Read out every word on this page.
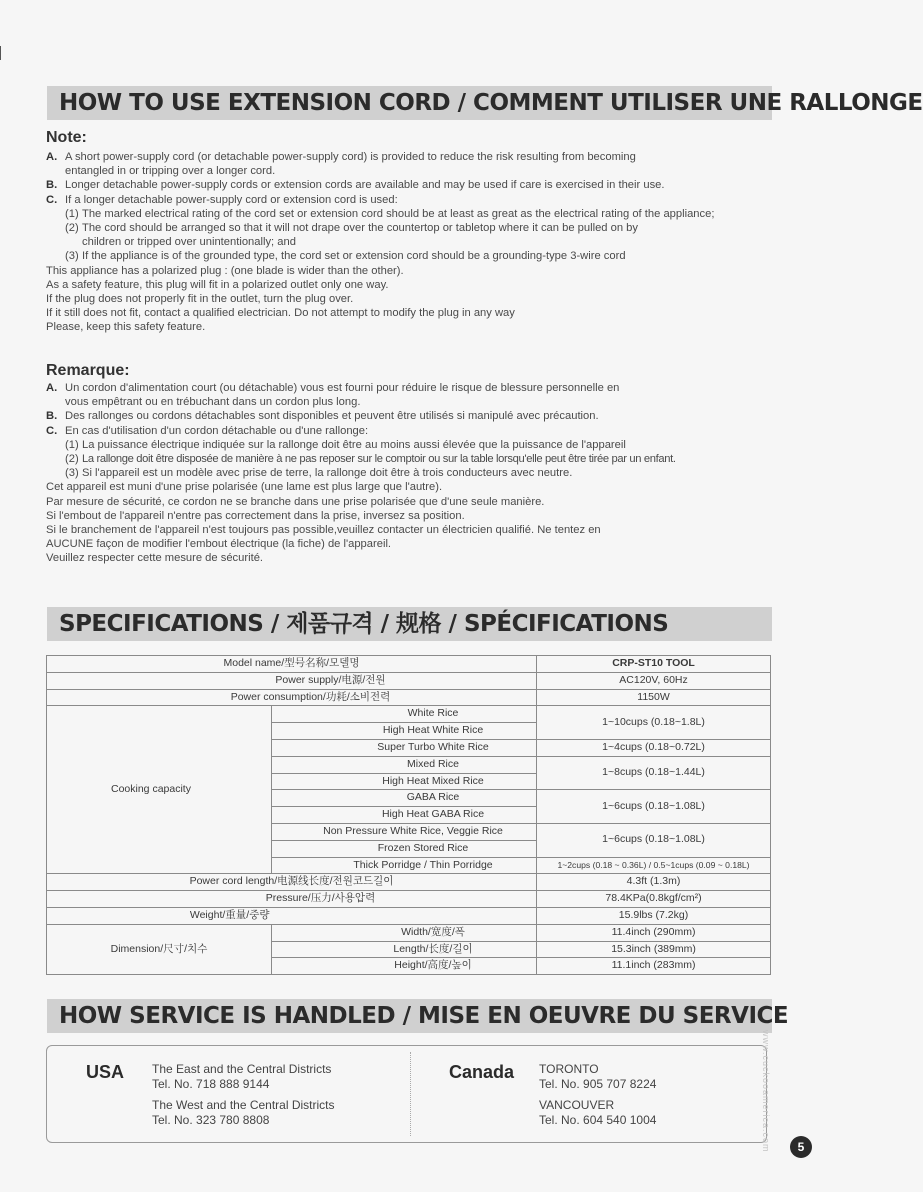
HOW TO USE EXTENSION CORD / COMMENT UTILISER UNE RALLONGE
Note:

A. A short power-supply cord (or detachable power-supply cord) is provided to reduce the risk resulting from becoming

entangled in or tripping over a longer cord.

B. Longer detachable power-supply cords or extension cords are available and may be used if care is exercised in their use.

C. If a longer detachable power-supply cord or extension cord is used:

(1) The marked electrical rating of the cord set or extension cord should be at least as great as the electrical rating of the appliance;

(2) The cord should be arranged so that it will not drape over the countertop or tabletop where it can be pulled on by

children or tripped over unintentionally; and

(3) If the appliance is of the grounded type, the cord set or extension cord should be a grounding-type 3-wire cord

This appliance has a polarized plug : (one blade is wider than the other).

As a safety feature, this plug will fit in a polarized outlet only one way.

If the plug does not properly fit in the outlet, turn the plug over.

If it still does not fit, contact a qualified electrician. Do not attempt to modify the plug in any way

Please, keep this safety feature.

Remarque:

A. Un cordon d'alimentation court (ou détachable) vous est fourni pour réduire le risque de blessure personnelle en

vous empêtrant ou en trébuchant dans un cordon plus long.

B. Des rallonges ou cordons détachables sont disponibles et peuvent être utilisés si manipulé avec précaution.

C. En cas d'utilisation d'un cordon détachable ou d'une rallonge:

(1) La puissance électrique indiquée sur la rallonge doit être au moins aussi élevée que la puissance de l'appareil

(2) La rallonge doit être disposée de manière à ne pas reposer sur le comptoir ou sur la table lorsqu'elle peut être tirée par un enfant.

(3) Si l'appareil est un modèle avec prise de terre, la rallonge doit être à trois conducteurs avec neutre.

Cet appareil est muni d'une prise polarisée (une lame est plus large que l'autre).

Par mesure de sécurité, ce cordon ne se branche dans une prise polarisée que d'une seule manière.

Si l'embout de l'appareil n'entre pas correctement dans la prise, inversez sa position.

Si le branchement de l'appareil n'est toujours pas possible,veuillez contacter un électricien qualifié. Ne tentez en

AUCUNE façon de modifier l'embout électrique (la fiche) de l'appareil.

Veuillez respecter cette mesure de sécurité.

SPECIFICATIONS / 제품규격 / 规格 / SPÉCIFICATIONS
Model name/型号名称/모델명		CRP-ST10 TOOL
Power supply/电源/전원		AC120V, 60Hz
Power consumption/功耗/소비전력		1150W
Cooking capacity	White Rice	1~10cups (0.18~1.8L)
	High Heat White Rice	
	Super Turbo White Rice	1~4cups (0.18~0.72L)
	Mixed Rice	1~8cups (0.18~1.44L)
	High Heat Mixed Rice	
	GABA Rice	1~6cups (0.18~1.08L)
	High Heat GABA Rice	
	Non Pressure White Rice, Veggie Rice	1~6cups (0.18~1.08L)
	Frozen Stored Rice	
	Thick Porridge / Thin Porridge	1~2cups (0.18 ~ 0.36L) / 0.5~1cups (0.09 ~ 0.18L)
Power cord length/电源线长度/전원코드길이		4.3ft (1.3m)
Pressure/压力/사용압력		78.4KPa(0.8kgf/cm²)
Weight/重量/중량		15.9lbs (7.2kg)
Dimension/尺寸/치수	Width/宽度/폭	11.4inch (290mm)
	Length/长度/길이	15.3inch (389mm)
	Height/高度/높이	11.1inch (283mm)
HOW SERVICE IS HANDLED / MISE EN OEUVRE DU SERVICE
USA The East and the Central Districts

Tel. No. 718 888 9144

The West and the Central Districts

Tel. No. 323 780 8808

Canada TORONTO

Tel. No. 905 707 8224

VANCOUVER

Tel. No. 604 540 1004	www.cuckooamerica.com	5
